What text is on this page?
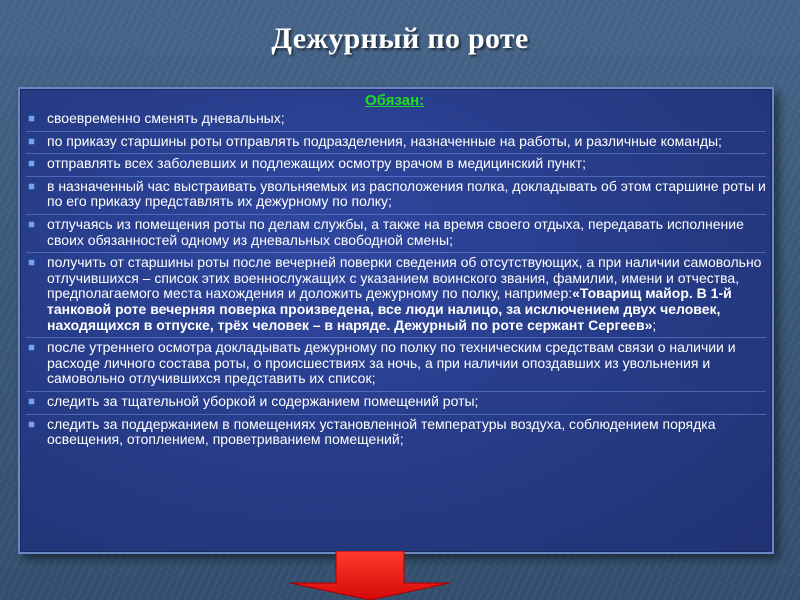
Дежурный по роте
Обязан:
своевременно сменять дневальных;
по приказу старшины роты отправлять подразделения, назначенные на работы, и различные команды;
отправлять всех заболевших и подлежащих осмотру врачом в медицинский пункт;
в назначенный час выстраивать увольняемых из расположения полка, докладывать об этом старшине роты и по его приказу представлять их дежурному по полку;
отлучаясь из помещения роты по делам службы, а также на время своего отдыха, передавать исполнение своих обязанностей одному из дневальных свободной смены;
получить от старшины роты после вечерней поверки сведения об отсутствующих, а при наличии самовольно отлучившихся – список этих военнослужащих с указанием воинского звания, фамилии, имени и отчества, предполагаемого места нахождения и доложить дежурному по полку, например:«Товарищ майор. В 1-й танковой роте вечерняя поверка произведена, все люди налицо, за исключением двух человек, находящихся в отпуске, трёх человек – в наряде. Дежурный по роте сержант Сергеев»;
после утреннего осмотра докладывать дежурному по полку по техническим средствам связи о наличии и расходе личного состава роты, о происшествиях за ночь, а при наличии опоздавших из увольнения и самовольно отлучившихся представить их список;
следить за тщательной уборкой и содержанием помещений роты;
следить за поддержанием в помещениях установленной температуры воздуха, соблюдением порядка освещения, отоплением, проветриванием помещений;
